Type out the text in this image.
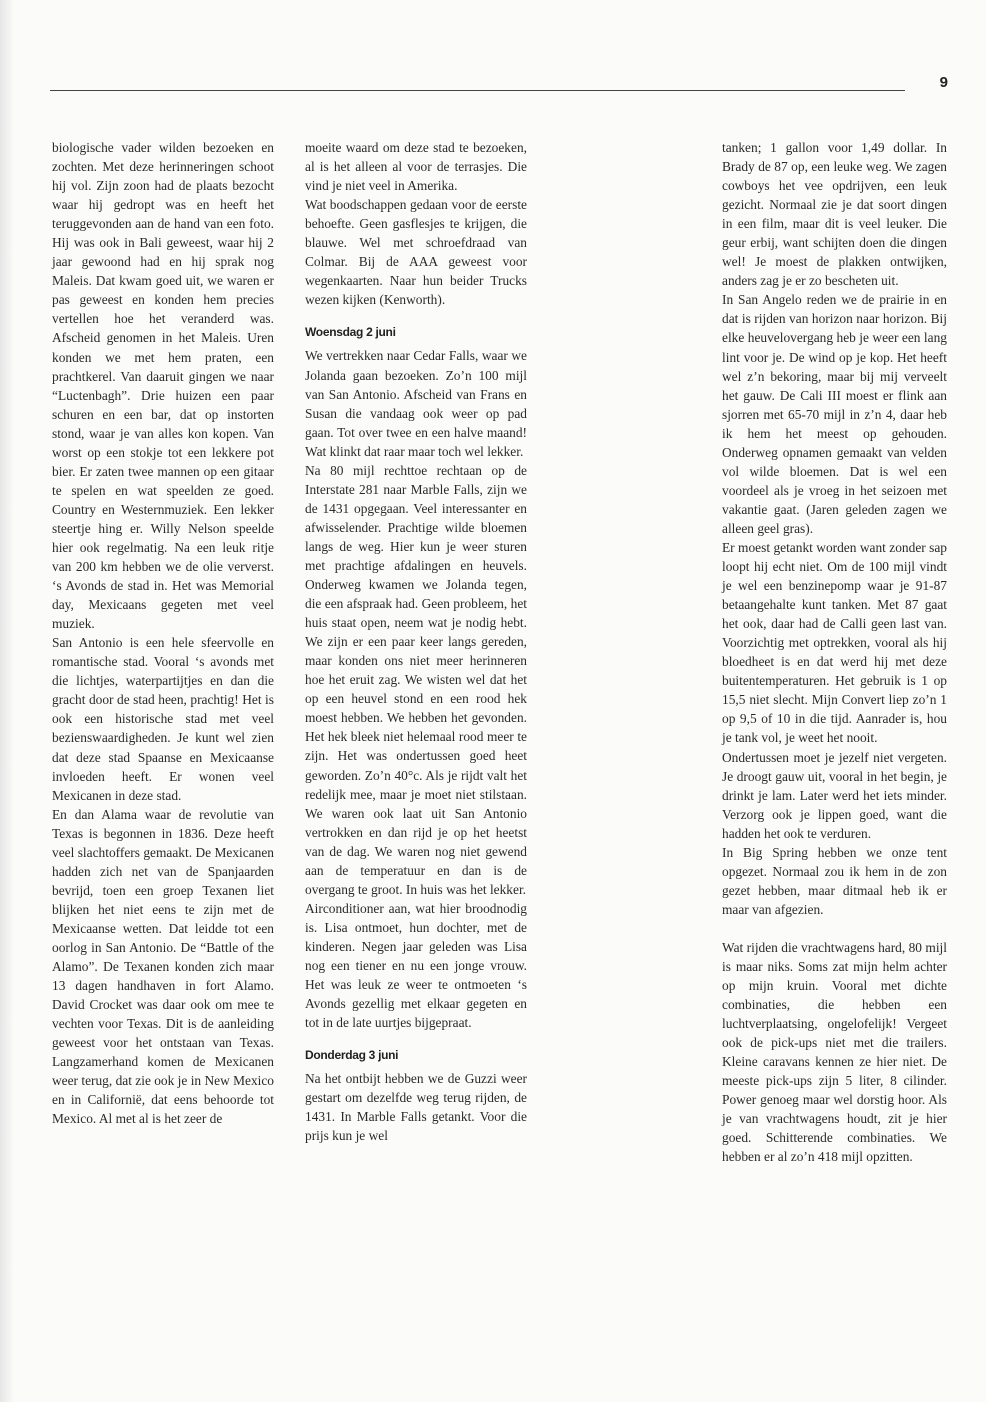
9

biologische vader wilden bezoeken en zochten. Met deze herinneringen schoot hij vol. Zijn zoon had de plaats bezocht waar hij gedropt was en heeft het teruggevonden aan de hand van een foto. Hij was ook in Bali geweest, waar hij 2 jaar gewoond had en hij sprak nog Maleis. Dat kwam goed uit, we waren er pas geweest en konden hem precies vertellen hoe het veranderd was. Afscheid genomen in het Maleis. Uren konden we met hem praten, een prachtkerel. Van daaruit gingen we naar “Luctenbagh”. Drie huizen een paar schuren en een bar, dat op instorten stond, waar je van alles kon kopen. Van worst op een stokje tot een lekkere pot bier. Er zaten twee mannen op een gitaar te spelen en wat speelden ze goed. Country en Westernmuziek. Een lekker steertje hing er. Willy Nelson speelde hier ook regelmatig. Na een leuk ritje van 200 km hebben we de olie ververst. ‘s Avonds de stad in. Het was Memorial day, Mexicaans gegeten met veel muziek.

San Antonio is een hele sfeervolle en romantische stad. Vooral ‘s avonds met die lichtjes, waterpartijtjes en dan die gracht door de stad heen, prachtig! Het is ook een historische stad met veel bezienswaardigheden. Je kunt wel zien dat deze stad Spaanse en Mexicaanse invloeden heeft. Er wonen veel Mexicanen in deze stad.

En dan Alama waar de revolutie van Texas is begonnen in 1836. Deze heeft veel slachtoffers gemaakt. De Mexicanen hadden zich net van de Spanjaarden bevrijd, toen een groep Texanen liet blijken het niet eens te zijn met de Mexicaanse wetten. Dat leidde tot een oorlog in San Antonio. De “Battle of the Alamo”. De Texanen konden zich maar 13 dagen handhaven in fort Alamo. David Crocket was daar ook om mee te vechten voor Texas. Dit is de aanleiding geweest voor het ontstaan van Texas. Langzamerhand komen de Mexicanen weer terug, dat zie ook je in New Mexico en in Californië, dat eens behoorde tot Mexico. Al met al is het zeer de

moeite waard om deze stad te bezoeken, al is het alleen al voor de terrasjes. Die vind je niet veel in Amerika.

Wat boodschappen gedaan voor de eerste behoefte. Geen gasflesjes te krijgen, die blauwe. Wel met schroefdraad van Colmar. Bij de AAA geweest voor wegenkaarten. Naar hun beider Trucks wezen kijken (Kenworth).

Woensdag 2 juni

We vertrekken naar Cedar Falls, waar we Jolanda gaan bezoeken. Zo’n 100 mijl van San Antonio. Afscheid van Frans en Susan die vandaag ook weer op pad gaan. Tot over twee en een halve maand! Wat klinkt dat raar maar toch wel lekker.

Na 80 mijl rechttoe rechtaan op de Interstate 281 naar Marble Falls, zijn we de 1431 opgegaan. Veel interessanter en afwisselender. Prachtige wilde bloemen langs de weg. Hier kun je weer sturen met prachtige afdalingen en heuvels. Onderweg kwamen we Jolanda tegen, die een afspraak had. Geen probleem, het huis staat open, neem wat je nodig hebt. We zijn er een paar keer langs gereden, maar konden ons niet meer herinneren hoe het eruit zag. We wisten wel dat het op een heuvel stond en een rood hek moest hebben. We hebben het gevonden. Het hek bleek niet helemaal rood meer te zijn. Het was ondertussen goed heet geworden. Zo’n 40°c. Als je rijdt valt het redelijk mee, maar je moet niet stilstaan. We waren ook laat uit San Antonio vertrokken en dan rijd je op het heetst van de dag. We waren nog niet gewend aan de temperatuur en dan is de overgang te groot. In huis was het lekker.

Airconditioner aan, wat hier broodnodig is. Lisa ontmoet, hun dochter, met de kinderen. Negen jaar geleden was Lisa nog een tiener en nu een jonge vrouw. Het was leuk ze weer te ontmoeten ‘s Avonds gezellig met elkaar gegeten en tot in de late uurtjes bijgepraat.

Donderdag 3 juni

Na het ontbijt hebben we de Guzzi weer gestart om dezelfde weg terug rijden, de 1431. In Marble Falls getankt. Voor die prijs kun je wel

tanken; 1 gallon voor 1,49 dollar. In Brady de 87 op, een leuke weg. We zagen cowboys het vee opdrijven, een leuk gezicht. Normaal zie je dat soort dingen in een film, maar dit is veel leuker. Die geur erbij, want schijten doen die dingen wel! Je moest de plakken ontwijken, anders zag je er zo bescheten uit.

In San Angelo reden we de prairie in en dat is rijden van horizon naar horizon. Bij elke heuvelovergang heb je weer een lang lint voor je. De wind op je kop. Het heeft wel z’n bekoring, maar bij mij verveelt het gauw. De Cali III moest er flink aan sjorren met 65-70 mijl in z’n 4, daar heb ik hem het meest op gehouden. Onderweg opnamen gemaakt van velden vol wilde bloemen. Dat is wel een voordeel als je vroeg in het seizoen met vakantie gaat. (Jaren geleden zagen we alleen geel gras).

Er moest getankt worden want zonder sap loopt hij echt niet. Om de 100 mijl vindt je wel een benzinepomp waar je 91-87 betaangehalte kunt tanken. Met 87 gaat het ook, daar had de Calli geen last van. Voorzichtig met optrekken, vooral als hij bloedheet is en dat werd hij met deze buitentemperaturen. Het gebruik is 1 op 15,5 niet slecht. Mijn Convert liep zo’n 1 op 9,5 of 10 in die tijd. Aanrader is, hou je tank vol, je weet het nooit.

Ondertussen moet je jezelf niet vergeten. Je droogt gauw uit, vooral in het begin, je drinkt je lam. Later werd het iets minder. Verzorg ook je lippen goed, want die hadden het ook te verduren.

In Big Spring hebben we onze tent opgezet. Normaal zou ik hem in de zon gezet hebben, maar ditmaal heb ik er maar van afgezien.

Wat rijden die vrachtwagens hard, 80 mijl is maar niks. Soms zat mijn helm achter op mijn kruin. Vooral met dichte combinaties, die hebben een luchtverplaatsing, ongelofelijk! Vergeet ook de pick-ups niet met die trailers. Kleine caravans kennen ze hier niet. De meeste pick-ups zijn 5 liter, 8 cilinder. Power genoeg maar wel dorstig hoor. Als je van vrachtwagens houdt, zit je hier goed. Schitterende combinaties. We hebben er al zo’n 418 mijl opzitten.
